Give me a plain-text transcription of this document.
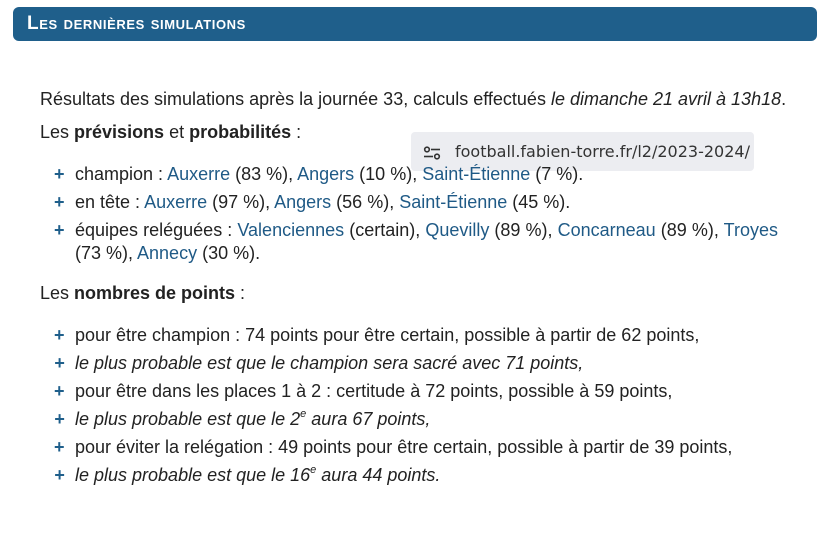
Les dernières simulations
football.fabien-torre.fr/l2/2023-2024/

Résultats des simulations après la journée 33, calculs effectués le dimanche 21 avril à 13h18.

Les prévisions et probabilités :

+ champion : Auxerre (83 %), Angers (10 %), Saint-Étienne (7 %).
+ en tête : Auxerre (97 %), Angers (56 %), Saint-Étienne (45 %).
+ équipes reléguées : Valenciennes (certain), Quevilly (89 %), Concarneau (89 %), Troyes (73 %), Annecy (30 %).

Les nombres de points :

+ pour être champion : 74 points pour être certain, possible à partir de 62 points,
+ le plus probable est que le champion sera sacré avec 71 points,
+ pour être dans les places 1 à 2 : certitude à 72 points, possible à 59 points,
+ le plus probable est que le 2e aura 67 points,
+ pour éviter la relégation : 49 points pour être certain, possible à partir de 39 points,
+ le plus probable est que le 16e aura 44 points.
